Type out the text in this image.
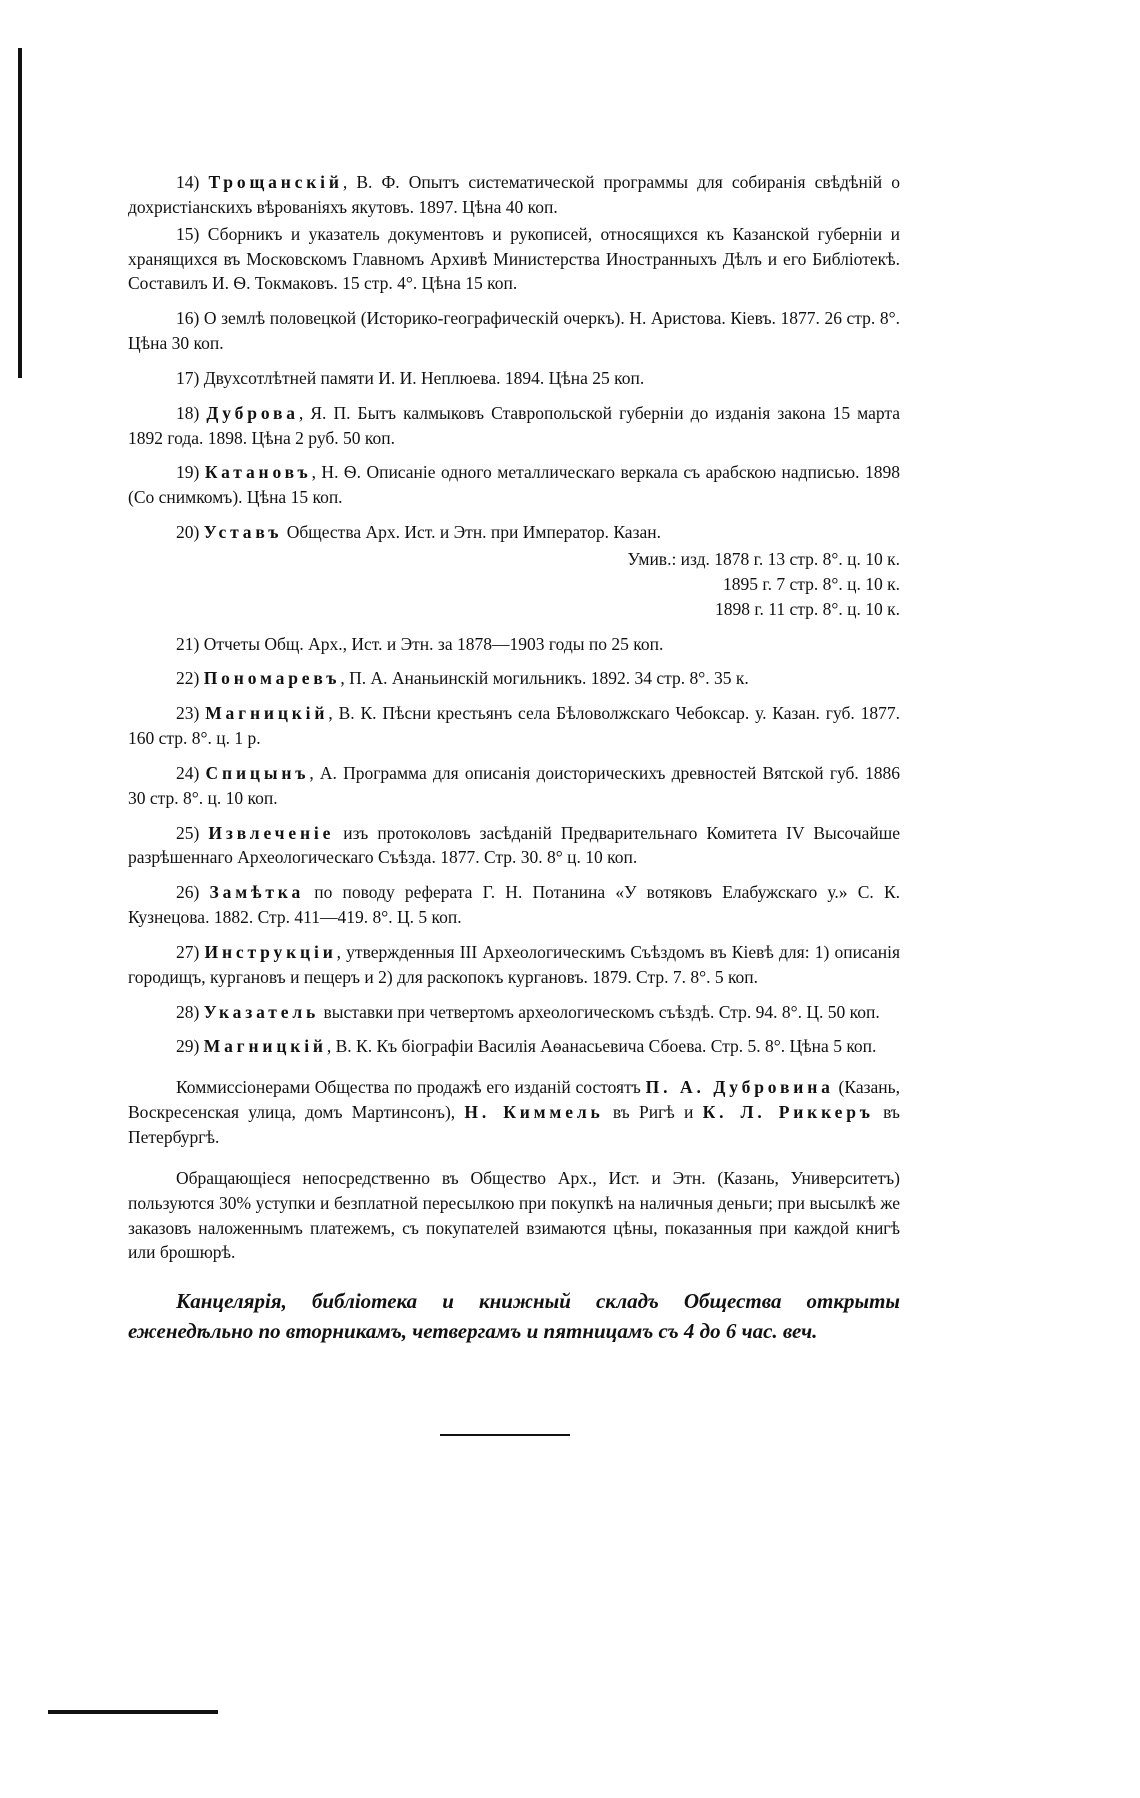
14) Трощанскій, В. Ф. Опытъ систематической программы для собиранія свѣдѣній о дохристіанскихъ вѣрованіяхъ якутовъ. 1897. Цѣна 40 коп.

15) Сборникъ и указатель документовъ и рукописей, относящихся къ Казанской губерніи и хранящихся въ Московскомъ Главномъ Архивѣ Министерства Иностранныхъ Дѣлъ и его Библіотекѣ. Составилъ И. Ѳ. Токмаковъ. 15 стр. 4°. Цѣна 15 коп.

16) О землѣ половецкой (Историко-географическій очеркъ). Н. Аристова. Кіевъ. 1877. 26 стр. 8°. Цѣна 30 коп.

17) Двухсотлѣтней памяти И. И. Неплюева. 1894. Цѣна 25 коп.

18) Дуброва, Я. П. Бытъ калмыковъ Ставропольской губерніи до изданія закона 15 марта 1892 года. 1898. Цѣна 2 руб. 50 коп.

19) Катановъ, Н. Ѳ. Описаніе одного металлическаго веркала съ арабскою надписью. 1898 (Со снимкомъ). Цѣна 15 коп.

20) Уставъ Общества Арх. Ист. и Этн. при Император. Казан.

Умив.: изд. 1878 г. 13 стр. 8°. ц. 10 к.
1895 г. 7 стр. 8°. ц. 10 к.
1898 г. 11 стр. 8°. ц. 10 к.

21) Отчеты Общ. Арх., Ист. и Этн. за 1878—1903 годы по 25 коп.

22) Пономаревъ, П. А. Ананьинскій могильникъ. 1892. 34 стр. 8°. 35 к.

23) Магницкій, В. К. Пѣсни крестьянъ села Бѣловолжскаго Чебоксар. у. Казан. губ. 1877. 160 стр. 8°. ц. 1 р.

24) Спицынъ, А. Программа для описанія доисторическихъ древностей Вятской губ. 1886 30 стр. 8°. ц. 10 коп.

25) Извлеченіе изъ протоколовъ засѣданій Предварительнаго Комитета IV Высочайше разрѣшеннаго Археологическаго Съѣзда. 1877. Стр. 30. 8° ц. 10 коп.

26) Замѣтка по поводу реферата Г. Н. Потанина «У вотяковъ Елабужскаго у.» С. К. Кузнецова. 1882. Стр. 411—419. 8°. Ц. 5 коп.

27) Инструкціи, утвержденныя III Археологическимъ Съѣздомъ въ Кіевѣ для: 1) описанія городищъ, кургановъ и пещеръ и 2) для раскопокъ кургановъ. 1879. Стр. 7. 8°. 5 коп.

28) Указатель выставки при четвертомъ археологическомъ съѣздѣ. Стр. 94. 8°. Ц. 50 коп.

29) Магницкій, В. К. Къ біографіи Василія Аѳанасьевича Сбоева. Стр. 5. 8°. Цѣна 5 коп.

Коммиссіонерами Общества по продажѣ его изданій состоятъ П. А. Дубровина (Казань, Воскресенская улица, домъ Мартинсонъ), Н. Киммель въ Ригѣ и К. Л. Риккеръ въ Петербургѣ.

Обращающіеся непосредственно въ Общество Арх., Ист. и Этн. (Казань, Университетъ) пользуются 30% уступки и безплатной пересылкою при покупкѣ на наличныя деньги; при высылкѣ же заказовъ наложеннымъ платежемъ, съ покупателей взимаются цѣны, показанныя при каждой книгѣ или брошюрѣ.

Канцелярія, библіотека и книжный складъ Общества открыты еженедѣльно по вторникамъ, четвергамъ и пятницамъ съ 4 до 6 час. веч.
